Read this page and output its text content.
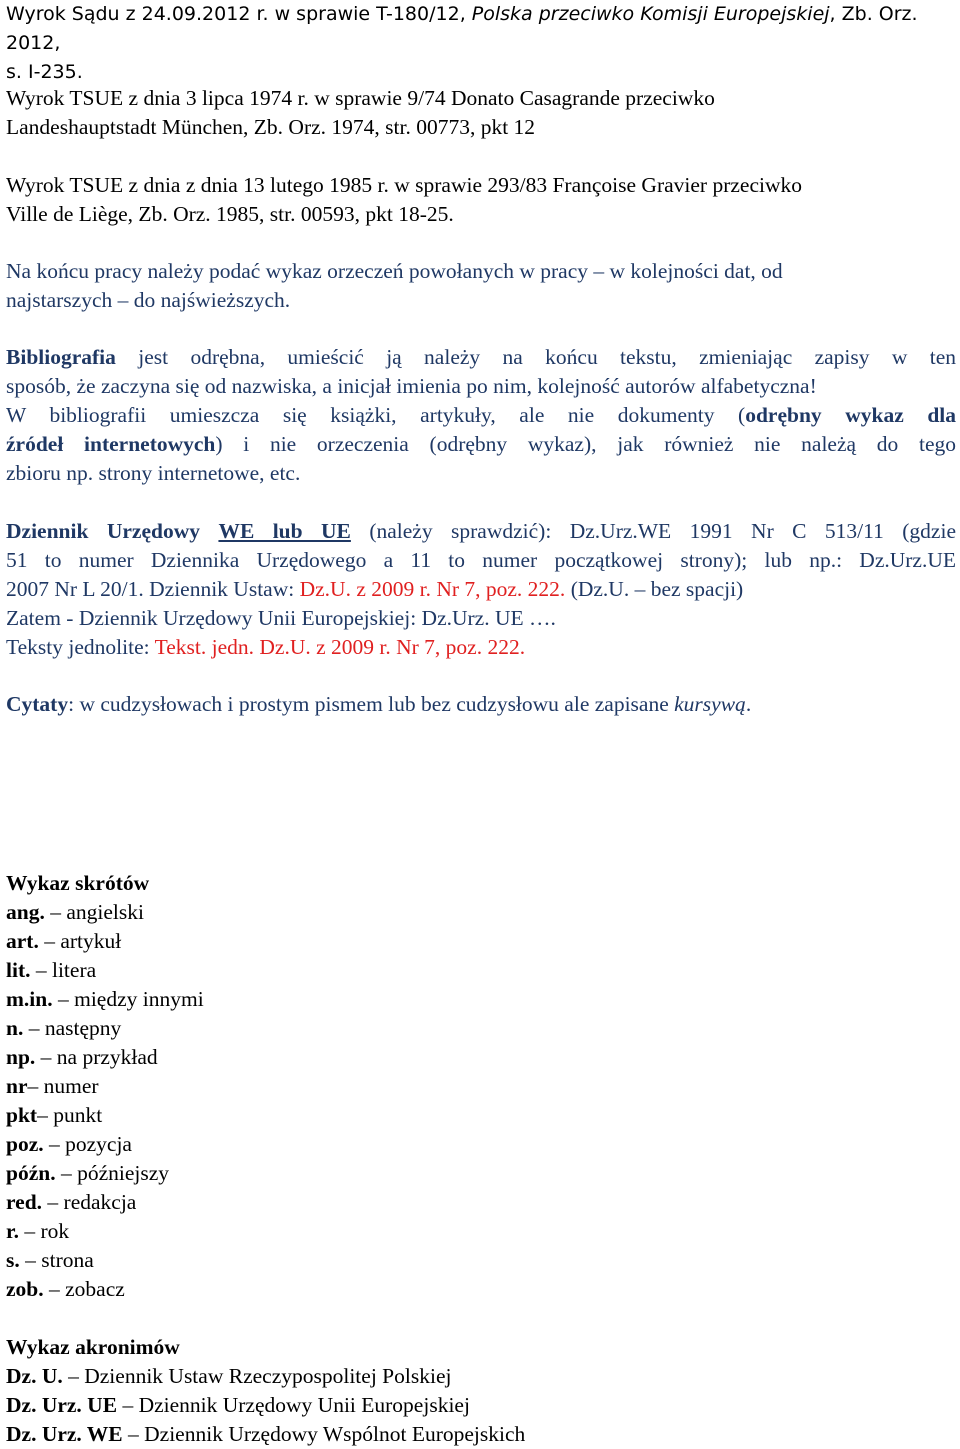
Wyrok Sądu z 24.09.2012 r. w sprawie T-180/12, Polska przeciwko Komisji Europejskiej, Zb. Orz. 2012,
s. I-235.

Wyrok TSUE z dnia 3 lipca 1974 r. w sprawie 9/74 Donato Casagrande przeciwko
Landeshauptstadt München, Zb. Orz. 1974, str. 00773, pkt 12

Wyrok TSUE z dnia z dnia 13 lutego 1985 r. w sprawie 293/83 Françoise Gravier przeciwko
Ville de Liège, Zb. Orz. 1985, str. 00593, pkt 18-25.

Na końcu pracy należy podać wykaz orzeczeń powołanych w pracy – w kolejności dat, od
najstarszych – do najświeższych.

Bibliografia jest odrębna, umieścić ją należy na końcu tekstu, zmieniając zapisy w ten
sposób, że zaczyna się od nazwiska, a inicjał imienia po nim, kolejność autorów alfabetyczna!
W bibliografii umieszcza się książki, artykuły, ale nie dokumenty (odrębny wykaz dla
źródeł internetowych) i nie orzeczenia (odrębny wykaz), jak również nie należą do tego
zbioru np. strony internetowe, etc.
Dziennik Urzędowy WE lub UE (należy sprawdzić): Dz.Urz.WE 1991 Nr C 513/11 (gdzie
51 to numer Dziennika Urzędowego a 11 to numer początkowej strony); lub np.: Dz.Urz.UE
2007 Nr L 20/1. Dziennik Ustaw: Dz.U. z 2009 r. Nr 7, poz. 222. (Dz.U. – bez spacji)
Zatem - Dziennik Urzędowy Unii Europejskiej: Dz.Urz. UE ….
Teksty jednolite: Tekst. jedn. Dz.U. z 2009 r. Nr 7, poz. 222.

Cytaty: w cudzysłowach i prostym pismem lub bez cudzysłowu ale zapisane kursywą.

Wykaz skrótów
ang. – angielski
art. – artykuł
lit. – litera
m.in. – między innymi
n. – następny
np. – na przykład
nr– numer
pkt– punkt
poz. – pozycja
późn. – późniejszy
red. – redakcja
r. – rok
s. – strona
zob. – zobacz
Wykaz akronimów
Dz. U. – Dziennik Ustaw Rzeczypospolitej Polskiej
Dz. Urz. UE – Dziennik Urzędowy Unii Europejskiej
Dz. Urz. WE – Dziennik Urzędowy Wspólnot Europejskich
